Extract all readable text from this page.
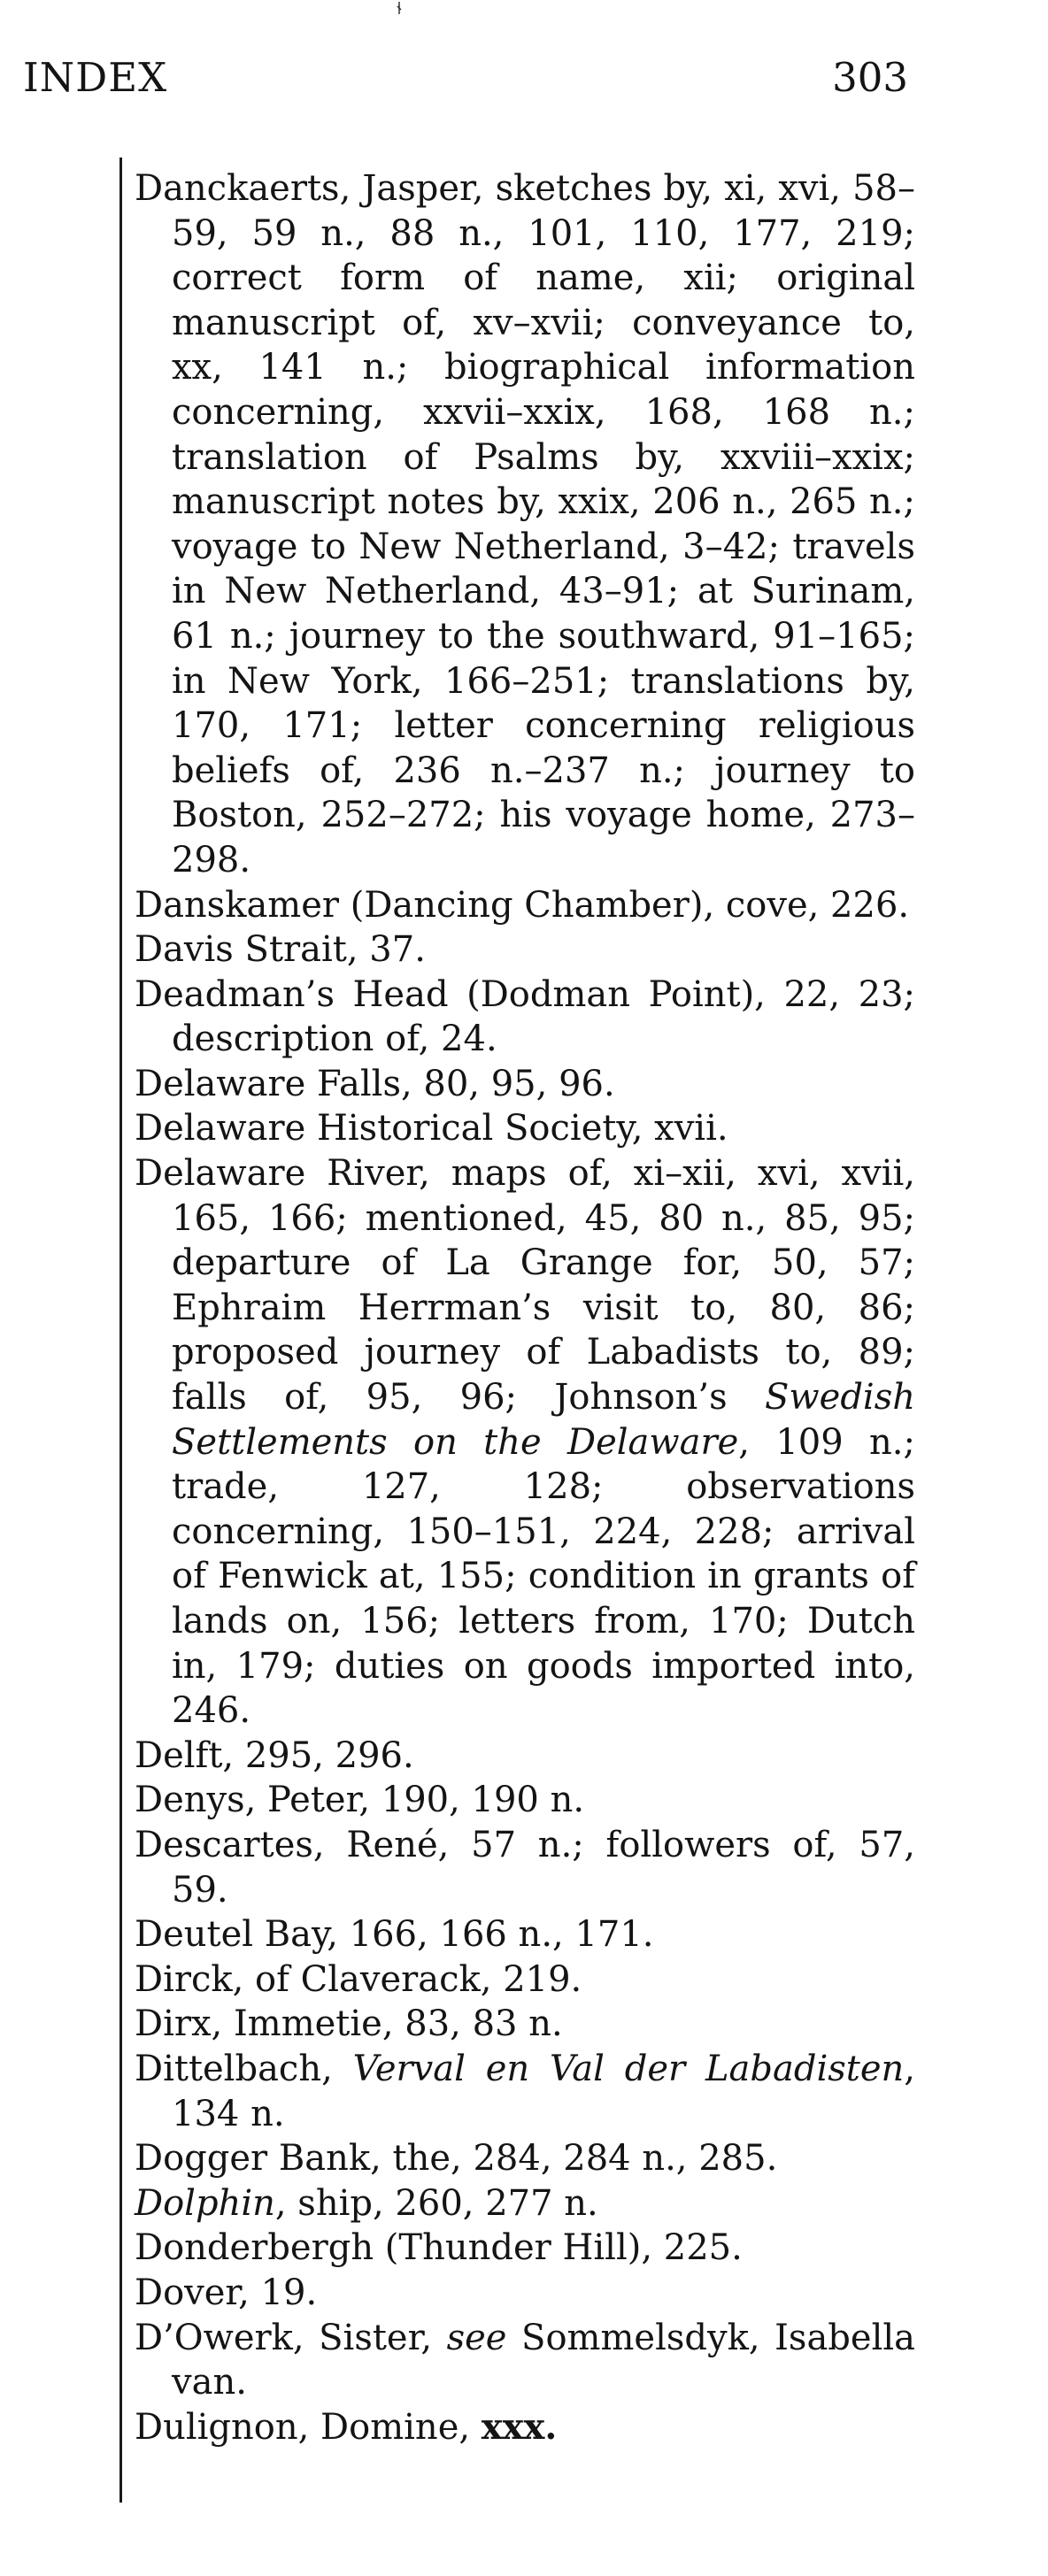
INDEX	303
Danckaerts, Jasper, sketches by, xi, xvi, 58–59, 59 n., 88 n., 101, 110, 177, 219; correct form of name, xii; original manuscript of, xv–xvii; conveyance to, xx, 141 n.; biographical information concerning, xxvii–xxix, 168, 168 n.; translation of Psalms by, xxviii–xxix; manuscript notes by, xxix, 206 n., 265 n.; voyage to New Netherland, 3–42; travels in New Netherland, 43–91; at Surinam, 61 n.; journey to the southward, 91–165; in New York, 166–251; translations by, 170, 171; letter concerning religious beliefs of, 236 n.–237 n.; journey to Boston, 252–272; his voyage home, 273–298.
Danskamer (Dancing Chamber), cove, 226.
Davis Strait, 37.
Deadman’s Head (Dodman Point), 22, 23; description of, 24.
Delaware Falls, 80, 95, 96.
Delaware Historical Society, xvii.
Delaware River, maps of, xi–xii, xvi, xvii, 165, 166; mentioned, 45, 80 n., 85, 95; departure of La Grange for, 50, 57; Ephraim Herrman’s visit to, 80, 86; proposed journey of Labadists to, 89; falls of, 95, 96; Johnson’s Swedish Settlements on the Delaware, 109 n.; trade, 127, 128; observations concerning, 150–151, 224, 228; arrival of Fenwick at, 155; condition in grants of lands on, 156; letters from, 170; Dutch in, 179; duties on goods imported into, 246.
Delft, 295, 296.
Denys, Peter, 190, 190 n.
Descartes, René, 57 n.; followers of, 57, 59.
Deutel Bay, 166, 166 n., 171.
Dirck, of Claverack, 219.
Dirx, Immetie, 83, 83 n.
Dittelbach, Verval en Val der Labadisten, 134 n.
Dogger Bank, the, 284, 284 n., 285.
Dolphin, ship, 260, 277 n.
Donderbergh (Thunder Hill), 225.
Dover, 19.
D’Owerk, Sister, see Sommelsdyk, Isabella van.
Dulignon, Domine, xxx.
